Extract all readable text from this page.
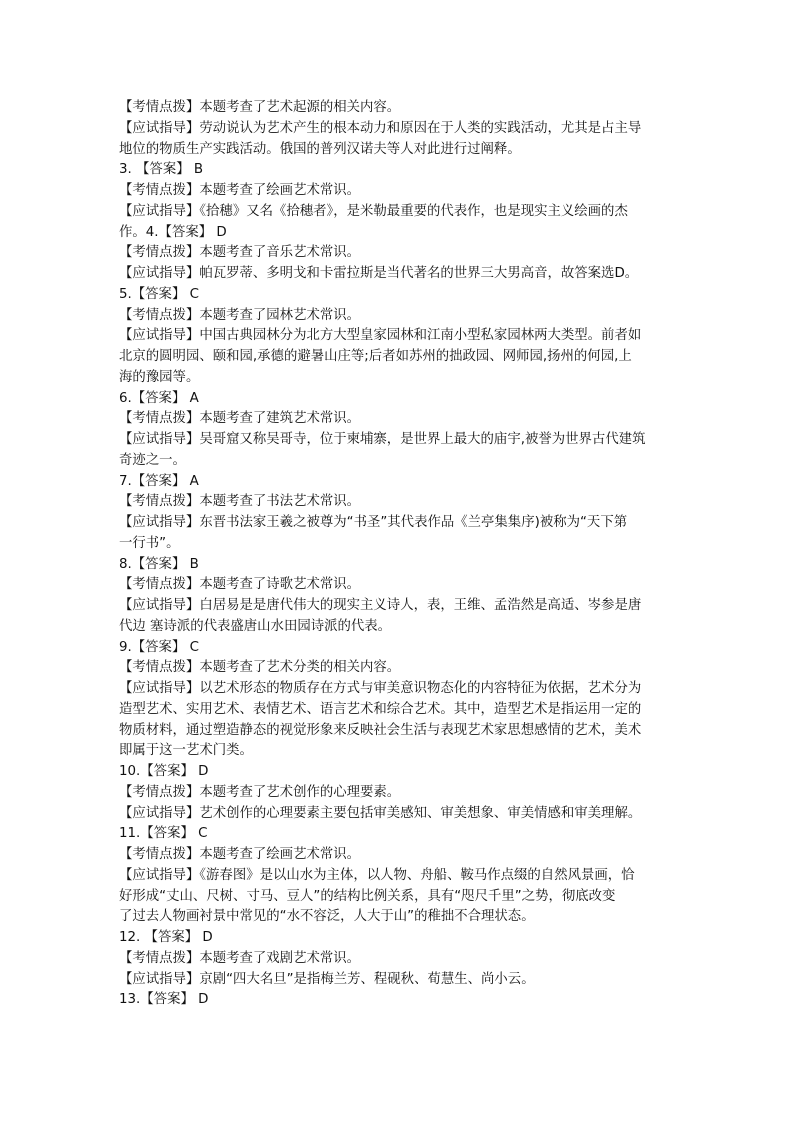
【考情点拨】本题考查了艺术起源的相关内容。
【应试指导】劳动说认为艺术产生的根本动力和原因在于人类的实践活动，尤其是占主导
地位的物质生产实践活动。俄国的普列汉诺夫等人对此进行过阐释。
3. 【答案】 B
【考情点拨】本题考查了绘画艺术常识。
【应试指导】《拾穗》又名《拾穗者》，是米勒最重要的代表作，也是现实主义绘画的杰
作。4.【答案】 D
【考情点拨】本题考查了音乐艺术常识。
【应试指导】帕瓦罗蒂、多明戈和卡雷拉斯是当代著名的世界三大男高音，故答案选D。
5.【答案】 C
【考情点拨】本题考查了园林艺术常识。
【应试指导】中国古典园林分为北方大型皇家园林和江南小型私家园林两大类型。前者如
北京的圆明园、颐和园,承德的避暑山庄等;后者如苏州的拙政园、网师园,扬州的何园,上
海的豫园等。
6.【答案】 A
【考情点拨】本题考查了建筑艺术常识。
【应试指导】吴哥窟又称吴哥寺，位于柬埔寨，是世界上最大的庙宇,被誉为世界古代建筑
奇迹之一。
7.【答案】 A
【考情点拨】本题考查了书法艺术常识。
【应试指导】东晋书法家王羲之被尊为“书圣”其代表作品《兰亭集集序)被称为“天下第
一行书”。
8.【答案】 B
【考情点拨】本题考查了诗歌艺术常识。
【应试指导】白居易是是唐代伟大的现实主义诗人，表，王维、孟浩然是高适、岑参是唐
代边 塞诗派的代表盛唐山水田园诗派的代表。
9.【答案】 C
【考情点拨】本题考查了艺术分类的相关内容。
【应试指导】以艺术形态的物质存在方式与审美意识物态化的内容特征为依据，艺术分为
造型艺术、实用艺术、表情艺术、语言艺术和综合艺术。其中，造型艺术是指运用一定的
物质材料，通过塑造静态的视觉形象来反映社会生活与表现艺术家思想感情的艺术，美术
即属于这一艺术门类。
10.【答案】 D
【考情点拨】本题考查了艺术创作的心理要素。
【应试指导】艺术创作的心理要素主要包括审美感知、审美想象、审美情感和审美理解。
11.【答案】 C
【考情点拨】本题考查了绘画艺术常识。
【应试指导】《游春图》是以山水为主体，以人物、舟船、鞍马作点缀的自然风景画，恰
好形成“丈山、尺树、寸马、豆人”的结构比例关系，具有“咫尺千里”之势，彻底改变
了过去人物画衬景中常见的“水不容泛，人大于山”的稚拙不合理状态。
12. 【答案】 D
【考情点拨】本题考查了戏剧艺术常识。
【应试指导】京剧“四大名旦”是指梅兰芳、程砚秋、荀慧生、尚小云。
13.【答案】 D
